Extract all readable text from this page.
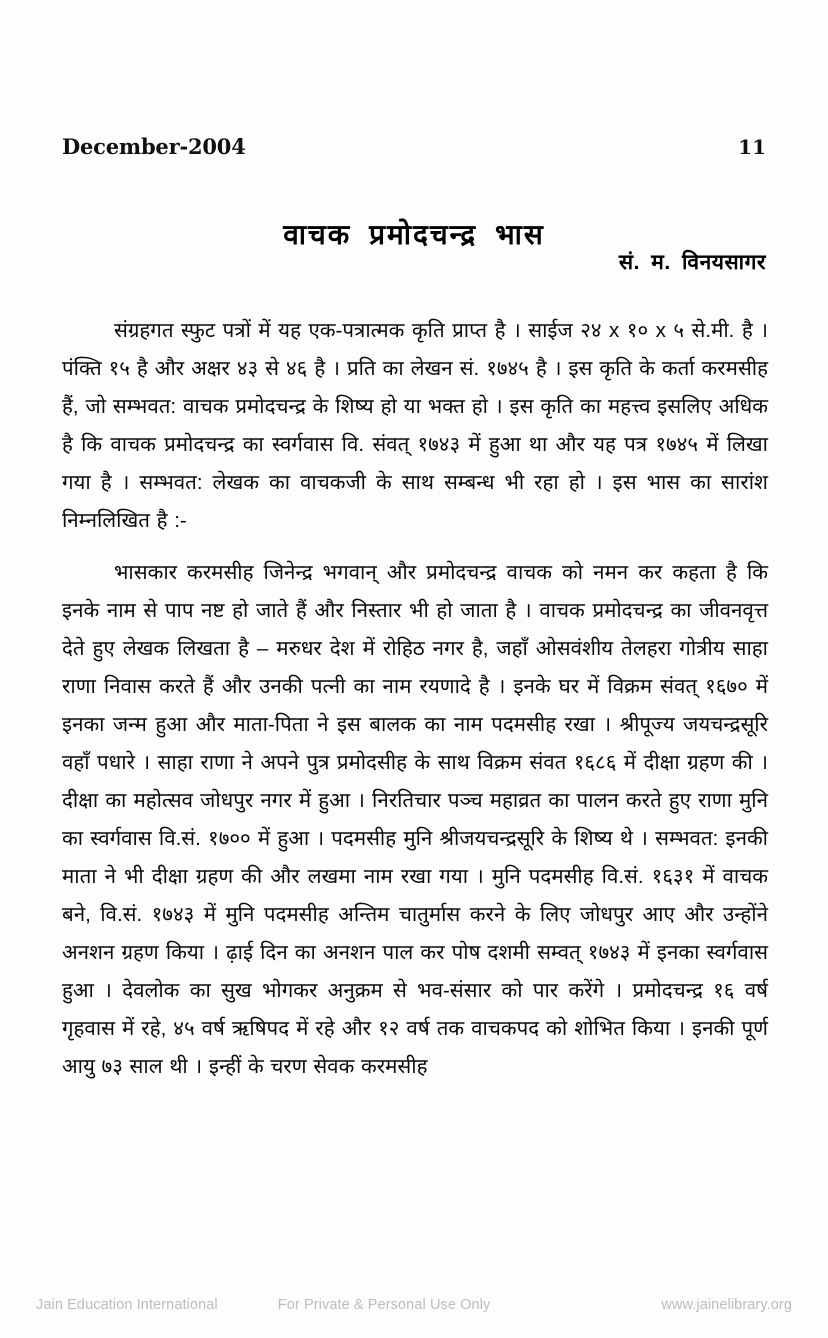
December-2004	11
वाचक प्रमोदचन्द्र भास
सं. म. विनयसागर

संग्रहगत स्फुट पत्रों में यह एक-पत्रात्मक कृति प्राप्त है । साईज २४ x १० x ५ से.मी. है । पंक्ति १५ है और अक्षर ४३ से ४६ है । प्रति का लेखन सं. १७४५ है । इस कृति के कर्ता करमसीह हैं, जो सम्भवत: वाचक प्रमोदचन्द्र के शिष्य हो या भक्त हो । इस कृति का महत्त्व इसलिए अधिक है कि वाचक प्रमोदचन्द्र का स्वर्गवास वि. संवत् १७४३ में हुआ था और यह पत्र १७४५ में लिखा गया है । सम्भवत: लेखक का वाचकजी के साथ सम्बन्ध भी रहा हो । इस भास का सारांश निम्नलिखित है :-

भासकार करमसीह जिनेन्द्र भगवान् और प्रमोदचन्द्र वाचक को नमन कर कहता है कि इनके नाम से पाप नष्ट हो जाते हैं और निस्तार भी हो जाता है । वाचक प्रमोदचन्द्र का जीवनवृत्त देते हुए लेखक लिखता है – मरुधर देश में रोहिठ नगर है, जहाँ ओसवंशीय तेलहरा गोत्रीय साहा राणा निवास करते हैं और उनकी पत्नी का नाम रयणादे है । इनके घर में विक्रम संवत् १६७० में इनका जन्म हुआ और माता-पिता ने इस बालक का नाम पदमसीह रखा । श्रीपूज्य जयचन्द्रसूरि वहाँ पधारे । साहा राणा ने अपने पुत्र प्रमोदसीह के साथ विक्रम संवत १६८६ में दीक्षा ग्रहण की । दीक्षा का महोत्सव जोधपुर नगर में हुआ । निरतिचार पञ्च महाव्रत का पालन करते हुए राणा मुनि का स्वर्गवास वि.सं. १७०० में हुआ । पदमसीह मुनि श्रीजयचन्द्रसूरि के शिष्य थे । सम्भवत: इनकी माता ने भी दीक्षा ग्रहण की और लखमा नाम रखा गया । मुनि पदमसीह वि.सं. १६३१ में वाचक बने, वि.सं. १७४३ में मुनि पदमसीह अन्तिम चातुर्मास करने के लिए जोधपुर आए और उन्होंने अनशन ग्रहण किया । ढ़ाई दिन का अनशन पाल कर पोष दशमी सम्वत् १७४३ में इनका स्वर्गवास हुआ । देवलोक का सुख भोगकर अनुक्रम से भव-संसार को पार करेंगे । प्रमोदचन्द्र १६ वर्ष गृहवास में रहे, ४५ वर्ष ऋषिपद में रहे और १२ वर्ष तक वाचकपद को शोभित किया । इनकी पूर्ण आयु ७३ साल थी । इन्हीं के चरण सेवक करमसीह

Jain Education International	For Private & Personal Use Only	www.jainelibrary.org
